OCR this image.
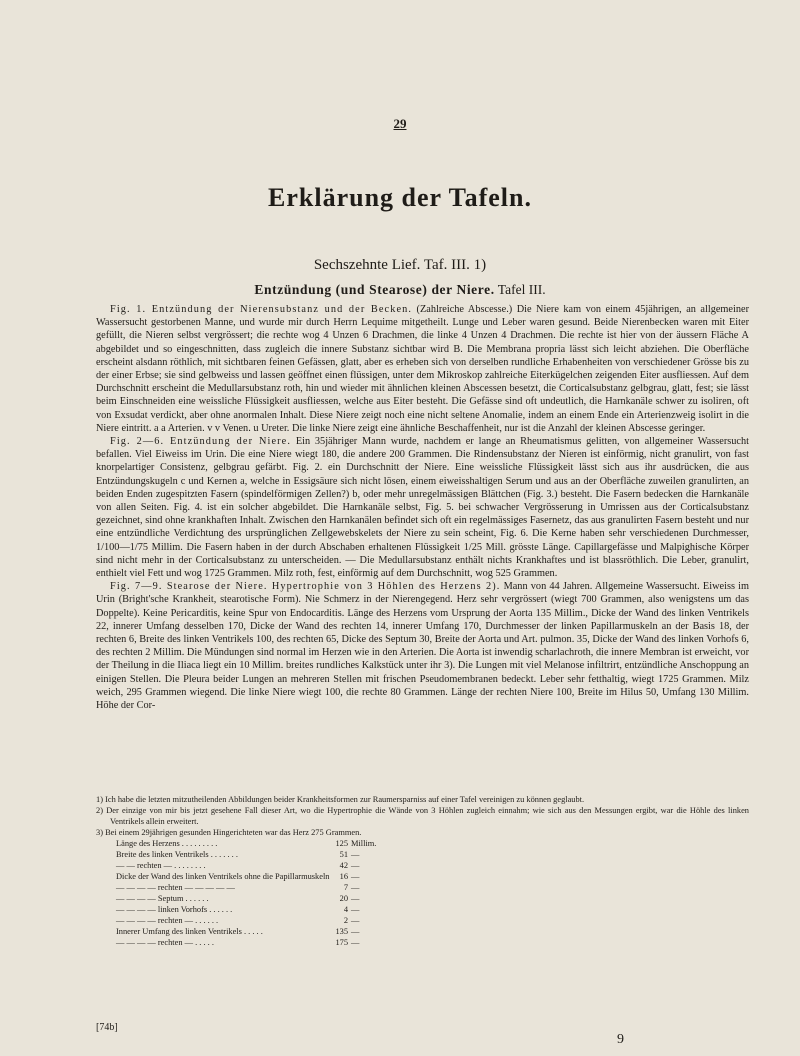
29
Erklärung der Tafeln.
Sechszehnte Lief. Taf. III. 1)
Entzündung (und Stearose) der Niere. Tafel III.

Fig. 1. Entzündung der Nierensubstanz und der Becken. (Zahlreiche Abscesse.) Die Niere kam von einem 45jährigen, an allgemeiner Wassersucht gestorbenen Manne, und wurde mir durch Herrn Lequime mitgetheilt. Lunge und Leber waren gesund. Beide Nierenbecken waren mit Eiter gefüllt, die Nieren selbst vergrössert; die rechte wog 4 Unzen 6 Drachmen, die linke 4 Unzen 4 Drachmen. Die rechte ist hier von der äussern Fläche A abgebildet und so eingeschnitten, dass zugleich die innere Substanz sichtbar wird B. Die Membrana propria lässt sich leicht abziehen. Die Oberfläche erscheint alsdann röthlich, mit sichtbaren feinen Gefässen, glatt, aber es erheben sich von derselben rundliche Erhabenheiten von verschiedener Grösse bis zu der einer Erbse; sie sind gelbweiss und lassen geöffnet einen flüssigen, unter dem Mikroskop zahlreiche Eiterkügelchen zeigenden Eiter ausfliessen. Auf dem Durchschnitt erscheint die Medullarsubstanz roth, hin und wieder mit ähnlichen kleinen Abscessen besetzt, die Corticalsubstanz gelbgrau, glatt, fest; sie lässt beim Einschneiden eine weissliche Flüssigkeit ausfliessen, welche aus Eiter besteht. Die Gefässe sind oft undeutlich, die Harnkanäle schwer zu isoliren, oft von Exsudat verdickt, aber ohne anormalen Inhalt. Diese Niere zeigt noch eine nicht seltene Anomalie, indem an einem Ende ein Arterienzweig isolirt in die Niere eintritt. a a Arterien. v v Venen. u Ureter. Die linke Niere zeigt eine ähnliche Beschaffenheit, nur ist die Anzahl der kleinen Abscesse geringer.

Fig. 2—6. Entzündung der Niere. Ein 35jähriger Mann wurde, nachdem er lange an Rheumatismus gelitten, von allgemeiner Wassersucht befallen. Viel Eiweiss im Urin. Die eine Niere wiegt 180, die andere 200 Grammen. Die Rindensubstanz der Nieren ist einförmig, nicht granulirt, von fast knorpelartiger Consistenz, gelbgrau gefärbt. Fig. 2. ein Durchschnitt der Niere. Eine weissliche Flüssigkeit lässt sich aus ihr ausdrücken, die aus Entzündungskugeln c und Kernen a, welche in Essigsäure sich nicht lösen, einem eiweisshaltigen Serum und aus an der Oberfläche zuweilen granulirten, an beiden Enden zugespitzten Fasern (spindelförmigen Zellen?) b, oder mehr unregelmässigen Blättchen (Fig. 3.) besteht. Die Fasern bedecken die Harnkanäle von allen Seiten. Fig. 4. ist ein solcher abgebildet. Die Harnkanäle selbst, Fig. 5. bei schwacher Vergrösserung in Umrissen aus der Corticalsubstanz gezeichnet, sind ohne krankhaften Inhalt. Zwischen den Harnkanälen befindet sich oft ein regelmässiges Fasernetz, das aus granulirten Fasern besteht und nur eine entzündliche Verdichtung des ursprünglichen Zellgewebskelets der Niere zu sein scheint, Fig. 6. Die Kerne haben sehr verschiedenen Durchmesser, 1/100—1/75 Millim. Die Fasern haben in der durch Abschaben erhaltenen Flüssigkeit 1/25 Mill. grösste Länge. Capillargefässe und Malpighische Körper sind nicht mehr in der Corticalsubstanz zu unterscheiden. — Die Medullarsubstanz enthält nichts Krankhaftes und ist blassröthlich. Die Leber, granulirt, enthielt viel Fett und wog 1725 Grammen. Milz roth, fest, einförmig auf dem Durchschnitt, wog 525 Grammen.

Fig. 7—9. Stearose der Niere. Hypertrophie von 3 Höhlen des Herzens 2). Mann von 44 Jahren. Allgemeine Wassersucht. Eiweiss im Urin (Bright'sche Krankheit, stearotische Form). Nie Schmerz in der Nierengegend. Herz sehr vergrössert (wiegt 700 Grammen, also wenigstens um das Doppelte). Keine Pericarditis, keine Spur von Endocarditis. Länge des Herzens vom Ursprung der Aorta 135 Millim., Dicke der Wand des linken Ventrikels 22, innerer Umfang desselben 170, Dicke der Wand des rechten 14, innerer Umfang 170, Durchmesser der linken Papillarmuskeln an der Basis 18, der rechten 6, Breite des linken Ventrikels 100, des rechten 65, Dicke des Septum 30, Breite der Aorta und Art. pulmon. 35, Dicke der Wand des linken Vorhofs 6, des rechten 2 Millim. Die Mündungen sind normal im Herzen wie in den Arterien. Die Aorta ist inwendig scharlachroth, die innere Membran ist erweicht, vor der Theilung in die Iliaca liegt ein 10 Millim. breites rundliches Kalkstück unter ihr 3). Die Lungen mit viel Melanose infiltrirt, entzündliche Anschoppung an einigen Stellen. Die Pleura beider Lungen an mehreren Stellen mit frischen Pseudomembranen bedeckt. Leber sehr fetthaltig, wiegt 1725 Grammen. Milz weich, 295 Grammen wiegend. Die linke Niere wiegt 100, die rechte 80 Grammen. Länge der rechten Niere 100, Breite im Hilus 50, Umfang 130 Millim. Höhe der Cor-

1) Ich habe die letzten mitzutheilenden Abbildungen beider Krankheitsformen zur Raumersparniss auf einer Tafel vereinigen zu können geglaubt.

2) Der einzige von mir bis jetzt gesehene Fall dieser Art, wo die Hypertrophie die Wände von 3 Höhlen zugleich einnahm; wie sich aus den Messungen ergibt, war die Höhle des linken Ventrikels allein erweitert.

3) Bei einem 29jährigen gesunden Hingerichteten war das Herz 275 Grammen.

Länge des Herzens . . . . . . . . .	125	Millim.
Breite des linken Ventrikels . . . . . . .	51	—
— — rechten — . . . . . . . .	42	—
Dicke der Wand des linken Ventrikels ohne die Papillarmuskeln	16	—
— — — — rechten — — — — —	7	—
— — — — Septum . . . . . .	20	—
— — — — linken Vorhofs . . . . . .	4	—
— — — — rechten — . . . . . .	2	—
Innerer Umfang des linken Ventrikels . . . . .	135	—
— — — — rechten — . . . . .	175	—
[74b]
9
